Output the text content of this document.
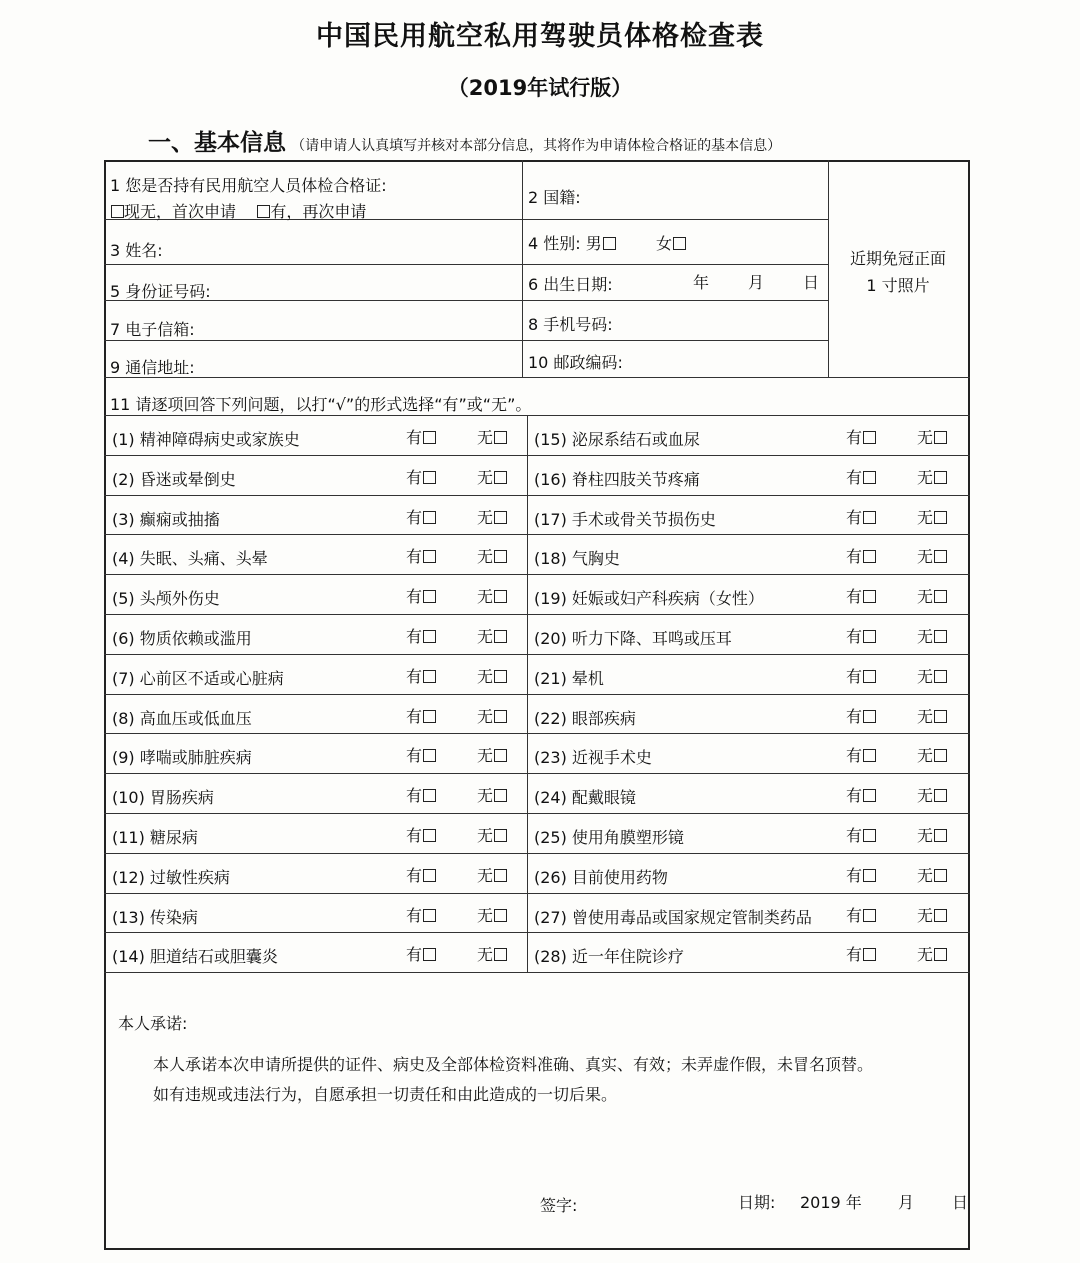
中国民用航空私用驾驶员体格检查表
（2019年试行版）
一、基本信息 （请申请人认真填写并核对本部分信息，其将作为申请体检合格证的基本信息）
1 您是否持有民用航空人员体检合格证:
现无，首次申请 有，再次申请
2 国籍:
3 姓名:	4 性别: 男	女
5 身份证号码:	6 出生日期:	年 月 日
7 电子信箱:	8 手机号码:
9 通信地址:	10 邮政编码:
近期免冠正面
1 寸照片
11 请逐项回答下列问题，以打“√”的形式选择“有”或“无”。
(1) 精神障碍病史或家族史	有	无	(15) 泌尿系结石或血尿	有	无
(2) 昏迷或晕倒史	有	无	(16) 脊柱四肢关节疼痛	有	无
(3) 癫痫或抽搐	有	无	(17) 手术或骨关节损伤史	有	无
(4) 失眠、头痛、头晕	有	无	(18) 气胸史	有	无
(5) 头颅外伤史	有	无	(19) 妊娠或妇产科疾病（女性）	有	无
(6) 物质依赖或滥用	有	无	(20) 听力下降、耳鸣或压耳	有	无
(7) 心前区不适或心脏病	有	无	(21) 晕机	有	无
(8) 高血压或低血压	有	无	(22) 眼部疾病	有	无
(9) 哮喘或肺脏疾病	有	无	(23) 近视手术史	有	无
(10) 胃肠疾病	有	无	(24) 配戴眼镜	有	无
(11) 糖尿病	有	无	(25) 使用角膜塑形镜	有	无
(12) 过敏性疾病	有	无	(26) 目前使用药物	有	无
(13) 传染病	有	无	(27) 曾使用毒品或国家规定管制类药品 有	无
(14) 胆道结石或胆囊炎	有	无	(28) 近一年住院诊疗	有	无
本人承诺:
本人承诺本次申请所提供的证件、病史及全部体检资料准确、真实、有效；未弄虚作假，未冒名顶替。
如有违规或违法行为，自愿承担一切责任和由此造成的一切后果。
签字:	日期: 2019 年 月 日
